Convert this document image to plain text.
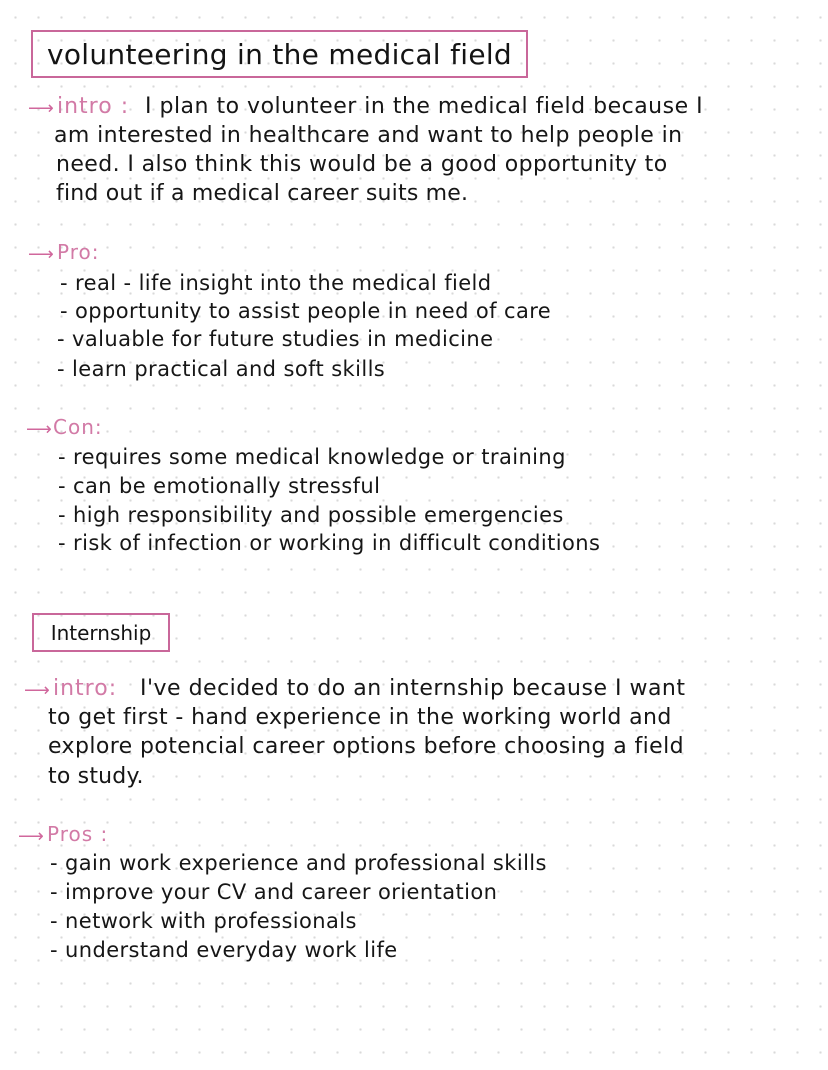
volunteering in the medical field
⟶ intro : I plan to volunteer in the medical field because I
am interested in healthcare and want to help people in
need. I also think this would be a good opportunity to
find out if a medical career suits me.
⟶ Pro:
- real - life insight into the medical field
- opportunity to assist people in need of care
- valuable for future studies in medicine
- learn practical and soft skills
⟶ Con:
- requires some medical knowledge or training
- can be emotionally stressful
- high responsibility and possible emergencies
- risk of infection or working in difficult conditions
Internship
⟶ intro: I've decided to do an internship because I want
to get first - hand experience in the working world and
explore potencial career options before choosing a field
to study.
⟶ Pros :
- gain work experience and professional skills
- improve your CV and career orientation
- network with professionals
- understand everyday work life
